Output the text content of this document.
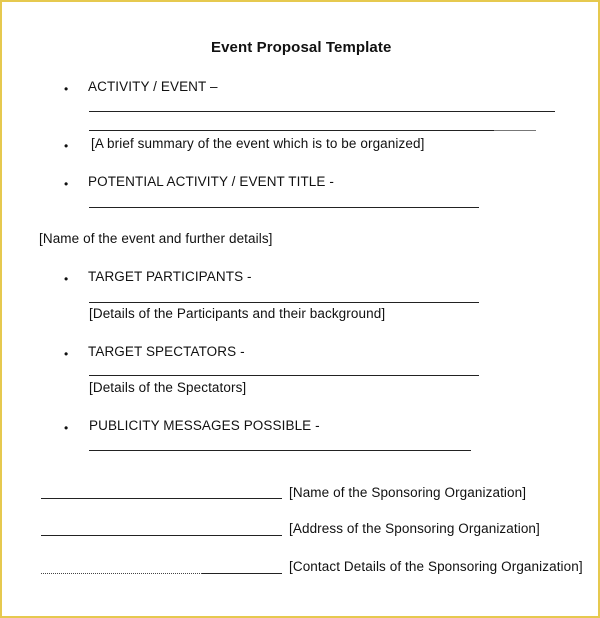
Event Proposal Template
• ACTIVITY / EVENT –
• [A brief summary of the event which is to be organized]
• POTENTIAL ACTIVITY / EVENT TITLE -
[Name of the event and further details]
• TARGET PARTICIPANTS -
[Details of the Participants and their background]
• TARGET SPECTATORS -
[Details of the Spectators]
• PUBLICITY MESSAGES POSSIBLE -
[Name of the Sponsoring Organization]
[Address of the Sponsoring Organization]
[Contact Details of the Sponsoring Organization]
